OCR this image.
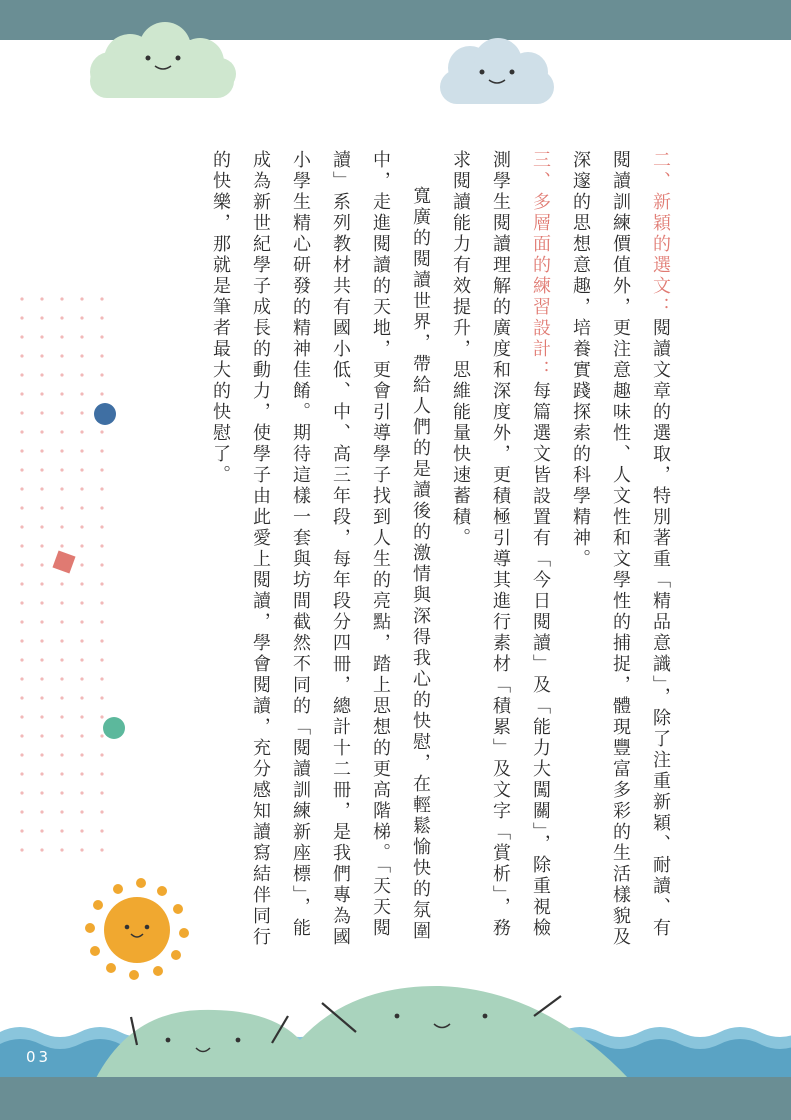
二、新穎的選文：閱讀文章的選取，特別著重「精品意識」，除了注重新穎、耐讀、有閱讀訓練價值外，更注意趣味性、人文性和文學性的捕捉，體現豐富多彩的生活樣貌及深邃的思想意趣，培養實踐探索的科學精神。

三、多層面的練習設計：每篇選文皆設置有「今日閱讀」及「能力大闖關」，除重視檢測學生閱讀理解的廣度和深度外，更積極引導其進行素材「積累」及文字「賞析」，務求閱讀能力有效提升，思維能量快速蓄積。

寬廣的閱讀世界，帶給人們的是讀後的激情與深得我心的快慰，在輕鬆愉快的氛圍中，走進閱讀的天地，更會引導學子找到人生的亮點，踏上思想的更高階梯。「天天閱讀」系列教材共有國小低、中、高三年段，每年段分四冊，總計十二冊，是我們專為國小學生精心研發的精神佳餚。期待這樣一套與坊間截然不同的「閱讀訓練新座標」，能成為新世紀學子成長的動力，使學子由此愛上閱讀，學會閱讀，充分感知讀寫結伴同行的快樂，那就是筆者最大的快慰了。

03
